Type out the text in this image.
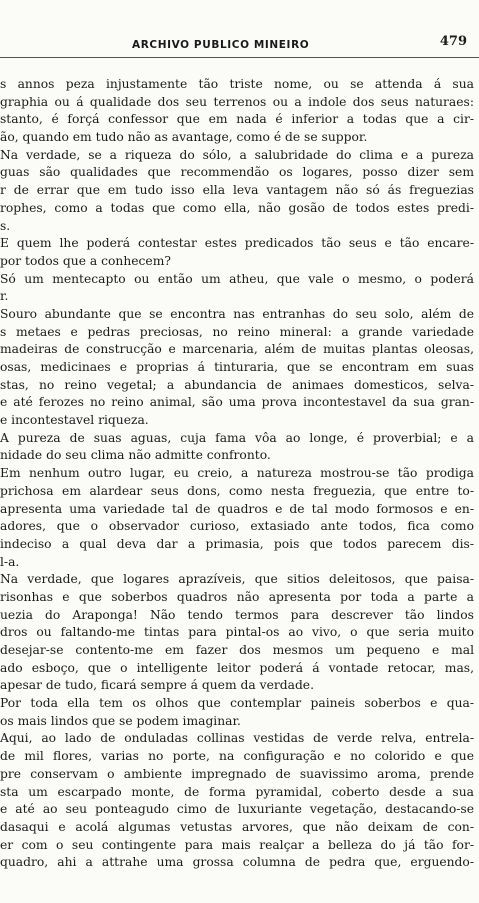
ARCHIVO PUBLICO MINEIRO	479
s annos peza injustamente tão triste nome, ou se attenda á sua
graphia ou á qualidade dos seu terrenos ou a indole dos seus naturaes:
stanto, é forçá confessor que em nada é inferior a todas que a cir-
ão, quando em tudo não as avantage, como é de se suppor.
Na verdade, se a riqueza do sólo, a salubridade do clima e a pureza
guas são qualidades que recommendão os logares, posso dizer sem
r de errar que em tudo isso ella leva vantagem não só ás freguezias
rophes, como a todas que como ella, não gosão de todos estes predi-
s.
E quem lhe poderá contestar estes predicados tão seus e tão encare-
por todos que a conhecem?
Só um mentecapto ou então um atheu, que vale o mesmo, o poderá
r.
Souro abundante que se encontra nas entranhas do seu solo, além de
s metaes e pedras preciosas, no reino mineral: a grande variedade
madeiras de construcção e marcenaria, além de muitas plantas oleosas,
osas, medicinaes e proprias á tinturaria, que se encontram em suas
stas, no reino vegetal; a abundancia de animaes domesticos, selva-
e até ferozes no reino animal, são uma prova incontestavel da sua gran-
e incontestavel riqueza.
A pureza de suas aguas, cuja fama vôa ao longe, é proverbial; e a
nidade do seu clima não admitte confronto.
Em nenhum outro lugar, eu creio, a natureza mostrou-se tão prodiga
prichosa em alardear seus dons, como nesta freguezia, que entre to-
apresenta uma variedade tal de quadros e de tal modo formosos e en-
adores, que o observador curioso, extasiado ante todos, fica como
indeciso a qual deva dar a primasia, pois que todos parecem dis-
l-a.
Na verdade, que logares aprazíveis, que sitios deleitosos, que paisa-
risonhas e que soberbos quadros não apresenta por toda a parte a
uezia do Araponga! Não tendo termos para descrever tão lindos
dros ou faltando-me tintas para pintal-os ao vivo, o que seria muito
desejar-se contento-me em fazer dos mesmos um pequeno e mal
ado esboço, que o intelligente leitor poderá á vontade retocar, mas,
apesar de tudo, ficará sempre á quem da verdade.
Por toda ella tem os olhos que contemplar paineis soberbos e qua-
os mais lindos que se podem imaginar.
Aqui, ao lado de onduladas collinas vestidas de verde relva, entrela-
de mil flores, varias no porte, na configuração e no colorido e que
pre conservam o ambiente impregnado de suavissimo aroma, prende
sta um escarpado monte, de forma pyramidal, coberto desde a sua
e até ao seu ponteagudo cimo de luxuriante vegetação, destacando-se
dasaqui e acolá algumas vetustas arvores, que não deixam de con-
er com o seu contingente para mais realçar a belleza do já tão for-
quadro, ahi a attrahe uma grossa columna de pedra que, erguendo-
